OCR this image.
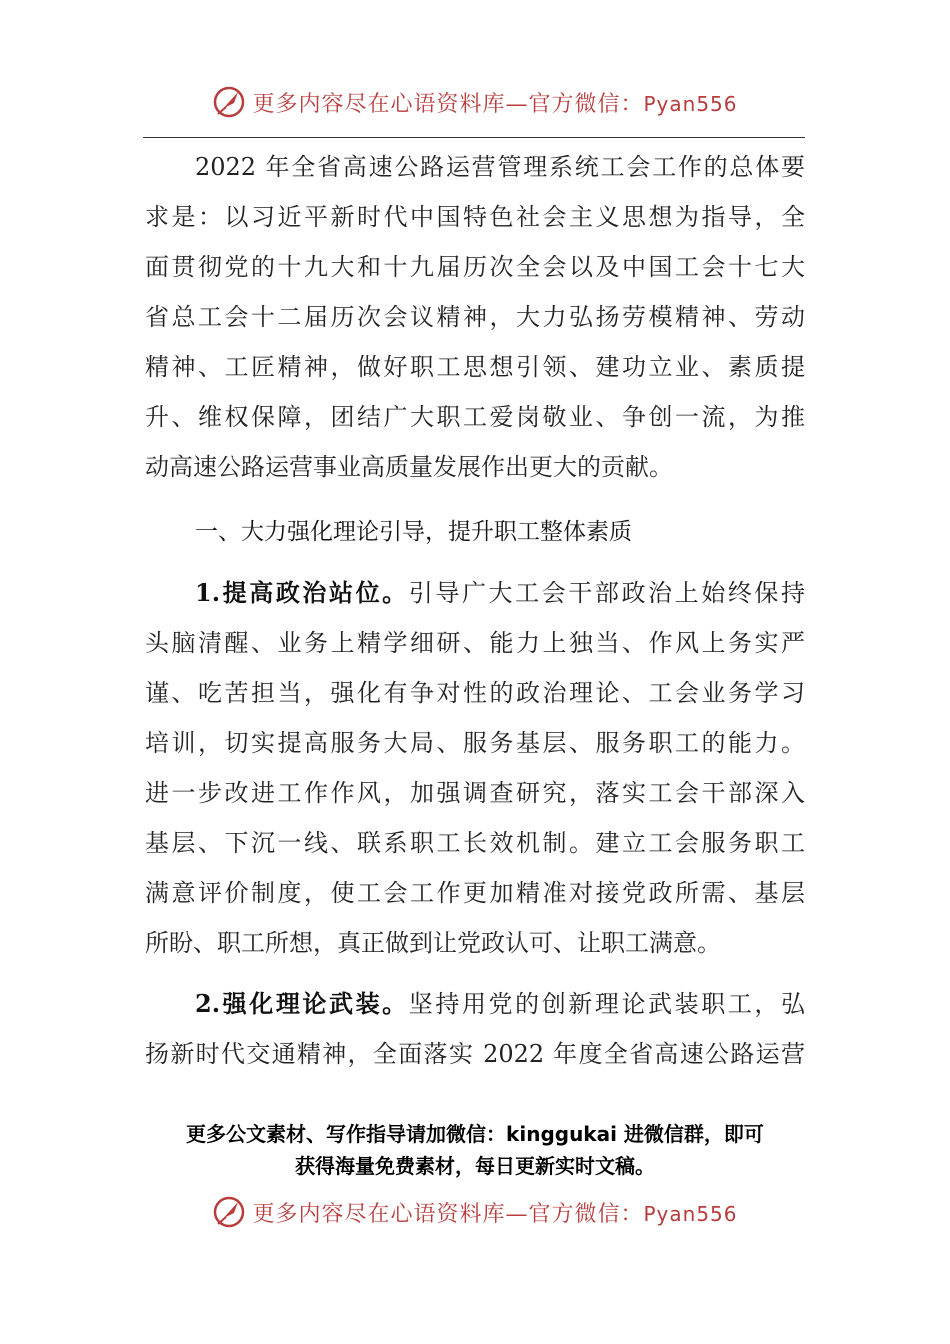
更多内容尽在心语资料库—官方微信：Pyan556
2022 年全省高速公路运营管理系统工会工作的总体要
求是：以习近平新时代中国特色社会主义思想为指导，全
面贯彻党的十九大和十九届历次全会以及中国工会十七大
省总工会十二届历次会议精神，大力弘扬劳模精神、劳动
精神、工匠精神，做好职工思想引领、建功立业、素质提
升、维权保障，团结广大职工爱岗敬业、争创一流，为推
动高速公路运营事业高质量发展作出更大的贡献。
一、大力强化理论引导，提升职工整体素质
1.提高政治站位。引导广大工会干部政治上始终保持
头脑清醒、业务上精学细研、能力上独当、作风上务实严
谨、吃苦担当，强化有争对性的政治理论、工会业务学习
培训，切实提高服务大局、服务基层、服务职工的能力。
进一步改进工作作风，加强调查研究，落实工会干部深入
基层、下沉一线、联系职工长效机制。建立工会服务职工
满意评价制度，使工会工作更加精准对接党政所需、基层
所盼、职工所想，真正做到让党政认可、让职工满意。
2.强化理论武装。坚持用党的创新理论武装职工，弘
扬新时代交通精神，全面落实 2022 年度全省高速公路运营
更多公文素材、写作指导请加微信：kinggukai 进微信群，即可
获得海量免费素材，每日更新实时文稿。
更多内容尽在心语资料库—官方微信：Pyan556
